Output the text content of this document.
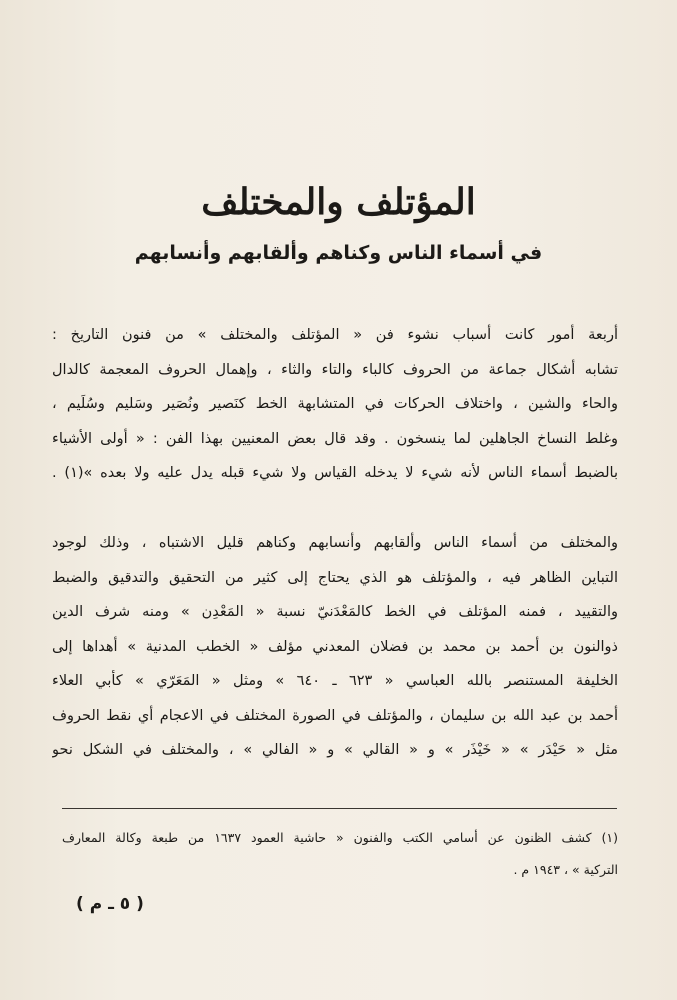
المؤتلف والمختلف
في أسماء الناس وكناهم وألقابهم وأنسابهم
أربعة أمور كانت أسباب نشوء فن « المؤتلف والمختلف » من فنون التاريخ :
تشابه أشكال جماعة من الحروف كالباء والتاء والثاء ، وإهمال الحروف المعجمة كالدال
والحاء والشين ، واختلاف الحركات في المتشابهة الخط كنَصير ونُصَير وسَليم وسُلَيم ،
وغلط النساخ الجاهلين لما ينسخون . وقد قال بعض المعنيين بهذا الفن : « أولى الأشياء
بالضبط أسماء الناس لأنه شيء لا يدخله القياس ولا شيء قبله يدل عليه ولا بعده »(١) .
والمختلف من أسماء الناس وألقابهم وأنسابهم وكناهم قليل الاشتباه ، وذلك لوجود
التباين الظاهر فيه ، والمؤتلف هو الذي يحتاج إلى كثير من التحقيق والتدقيق والضبط
والتقييد ، فمنه المؤتلف في الخط كالمَعْدَنيّ نسبة « المَعْدِن » ومنه شرف الدين
ذوالنون بن أحمد بن محمد بن فضلان المعدني مؤلف « الخطب المدنية » أهداها إلى
الخليفة المستنصر بالله العباسي « ٦٢٣ ـ ٦٤٠ » ومثل « المَعَرّي » كأبي العلاء
أحمد بن عبد الله بن سليمان ، والمؤتلف في الصورة المختلف في الاعجام أي نقط الحروف
مثل « حَيْدَر » « خَيْذَر » و « القالي » و « الفالي » ، والمختلف في الشكل نحو
(١) كشف الظنون عن أسامي الكتب والفنون « حاشية العمود ١٦٣٧ من طبعة وكالة المعارف
التركية » ، ١٩٤٣ م .
( ٥ ـ م )
